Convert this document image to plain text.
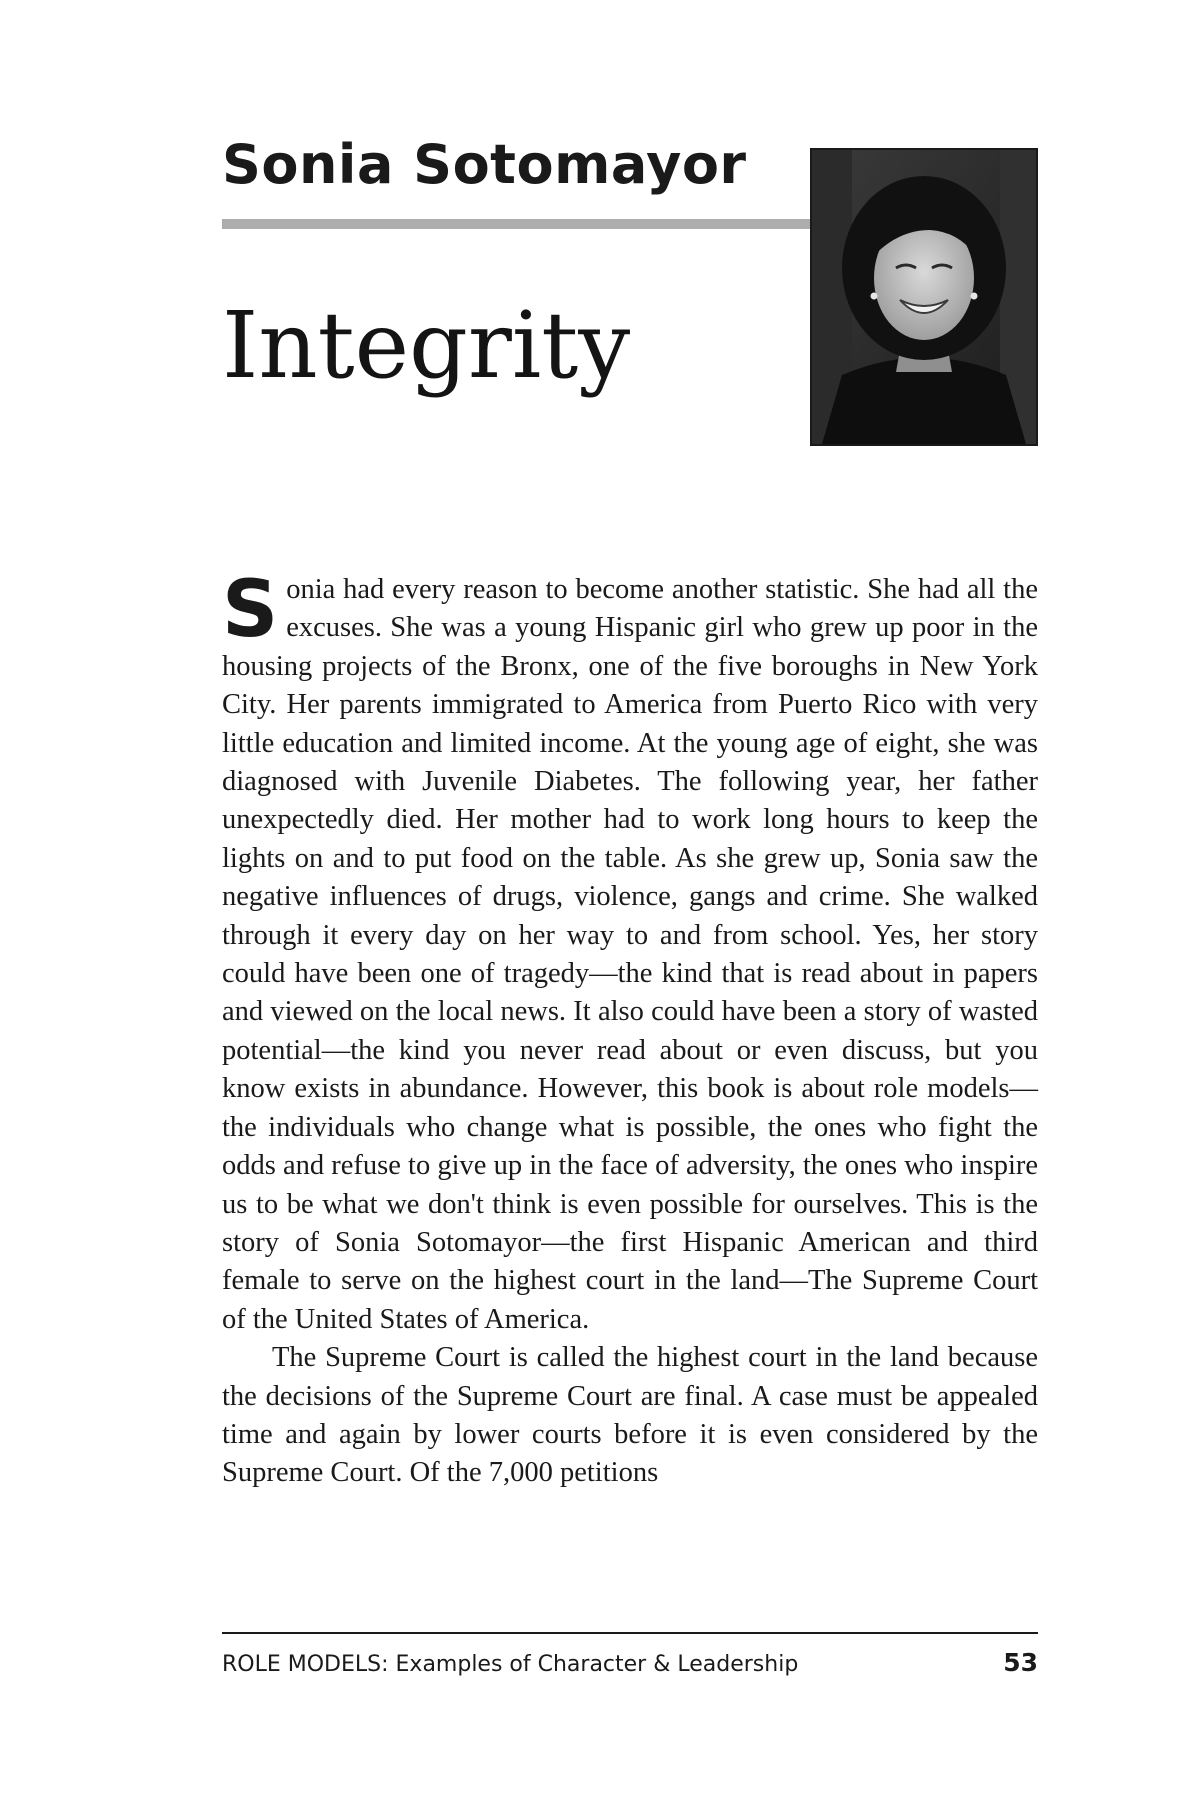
Sonia Sotomayor
Integrity

Sonia had every reason to become another statistic. She had all the excuses. She was a young Hispanic girl who grew up poor in the housing projects of the Bronx, one of the five boroughs in New York City. Her parents immigrated to America from Puerto Rico with very little education and limited income. At the young age of eight, she was diagnosed with Juvenile Diabetes. The following year, her father unexpectedly died. Her mother had to work long hours to keep the lights on and to put food on the table. As she grew up, Sonia saw the negative influences of drugs, violence, gangs and crime. She walked through it every day on her way to and from school. Yes, her story could have been one of tragedy—the kind that is read about in papers and viewed on the local news. It also could have been a story of wasted potential—the kind you never read about or even discuss, but you know exists in abundance. However, this book is about role models—the individuals who change what is possible, the ones who fight the odds and refuse to give up in the face of adversity, the ones who inspire us to be what we don't think is even possible for ourselves. This is the story of Sonia Sotomayor—the first Hispanic American and third female to serve on the highest court in the land—The Supreme Court of the United States of America.

The Supreme Court is called the highest court in the land because the decisions of the Supreme Court are final. A case must be appealed time and again by lower courts before it is even considered by the Supreme Court. Of the 7,000 petitions

ROLE MODELS: Examples of Character & Leadership	53
